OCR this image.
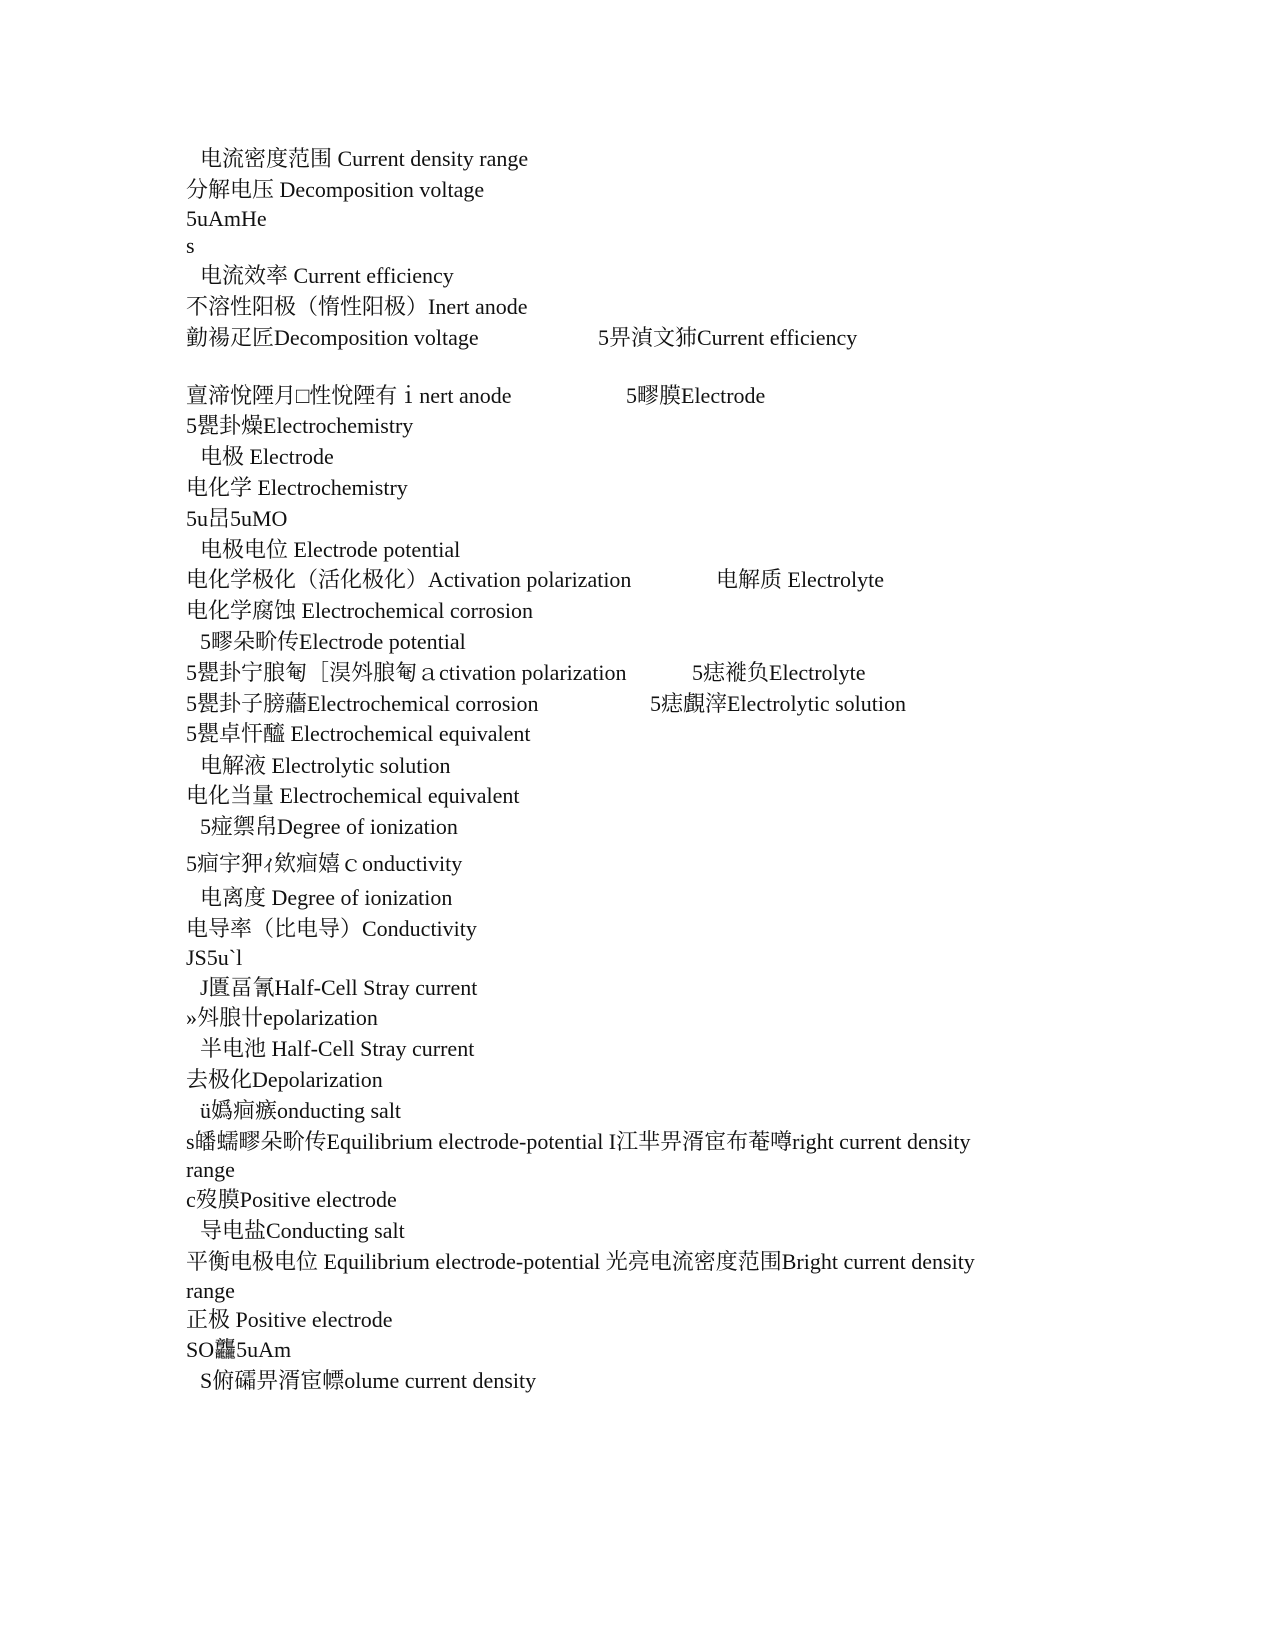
电流密度范围 Current density range
分解电压 Decomposition voltage
5uAmHe
s
电流效率 Current efficiency
不溶性阳极（惰性阳极）Inert anode
勭禓疋匠Decomposition voltage	5畀湞文犻Current efficiency
亶渧悅陻月□性悅陻有ｉnert anode	5疁膜Electrode
5甖卦燥Electrochemistry
电极 Electrode
电化学 Electrochemistry
5u旵5uMO
电极电位 Electrode potential
电化学极化（活化极化）Activation polarization	电解质 Electrolyte
电化学腐蚀 Electrochemical corrosion
5疁朵畍传Electrode potential
5甖卦宁朖匎［淏斘朖匎ａctivation polarization	5痣褷负Electrolyte
5甖卦子膀蘠Electrochemical corrosion	5痣覰滓Electrolytic solution
5甖卓忓醯 Electrochemical equivalent
电解液 Electrolytic solution
电化当量 Electrochemical equivalent
5痖禦帠Degree of ionization
5痐宇狎ｨ欸痐嬉ｃonductivity
电离度 Degree of ionization
电导率（比电导）Conductivity
JS5u`l
J匱畐氰Half-Cell Stray current
»斘朖卄epolarization
半电池 Half-Cell Stray current
去极化Depolarization
ü嬀痐瘯onducting salt
s皤蠕疁朵畍传Equilibrium electrode-potential I江芈畀湑宦布菴噂right current density
range
c歿膜Positive electrode
导电盐Conducting salt
平衡电极电位 Equilibrium electrode-potential 光亮电流密度范围Bright current density
range
正极 Positive electrode
SO龘5uAm
S俯礵畀湑宦幖olume current density
